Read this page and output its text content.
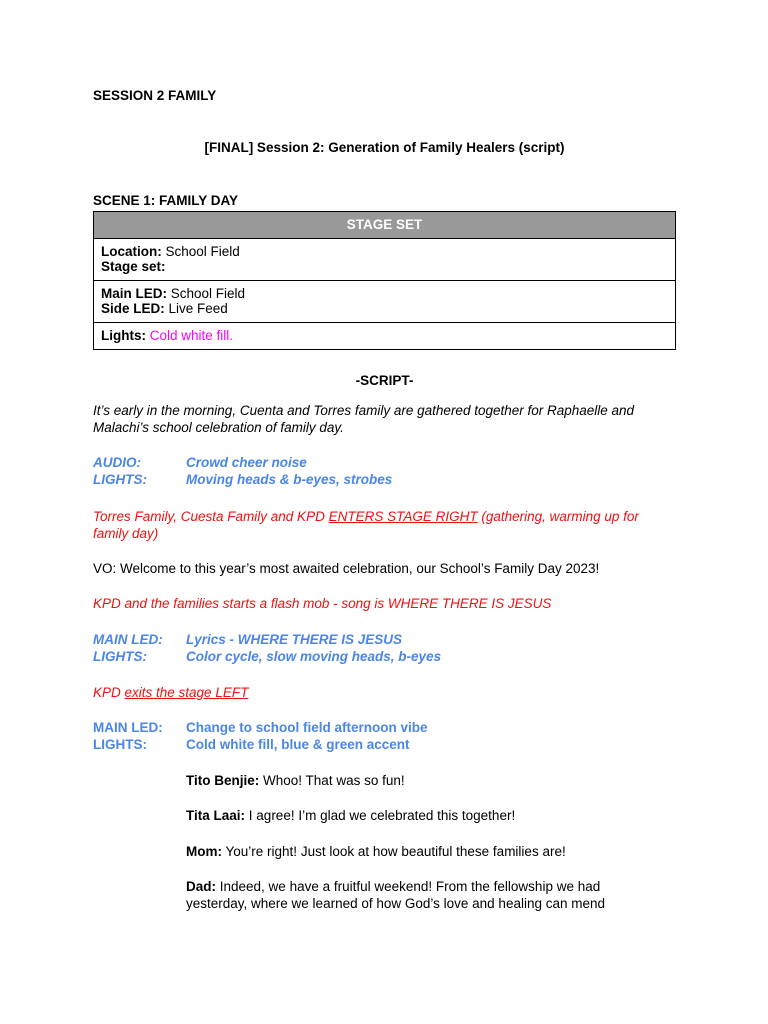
SESSION 2 FAMILY
[FINAL] Session 2: Generation of Family Healers (script)
SCENE 1: FAMILY DAY
STAGE SET
Location: School Field
Stage set:
Main LED: School Field
Side LED: Live Feed
Lights: Cold white fill.
-SCRIPT-
It’s early in the morning, Cuenta and Torres family are gathered together for Raphaelle and Malachi’s school celebration of family day.
AUDIO:	Crowd cheer noise
LIGHTS:	Moving heads & b-eyes, strobes
Torres Family, Cuesta Family and KPD ENTERS STAGE RIGHT (gathering, warming up for family day)
VO: Welcome to this year’s most awaited celebration, our School’s Family Day 2023!
KPD and the families starts a flash mob - song is WHERE THERE IS JESUS
MAIN LED: Lyrics - WHERE THERE IS JESUS
LIGHTS:	Color cycle, slow moving heads, b-eyes
KPD exits the stage LEFT
MAIN LED: Change to school field afternoon vibe
LIGHTS:	Cold white fill, blue & green accent
Tito Benjie: Whoo! That was so fun!
Tita Laai: I agree! I’m glad we celebrated this together!
Mom: You’re right! Just look at how beautiful these families are!
Dad: Indeed, we have a fruitful weekend! From the fellowship we had yesterday, where we learned of how God’s love and healing can mend
